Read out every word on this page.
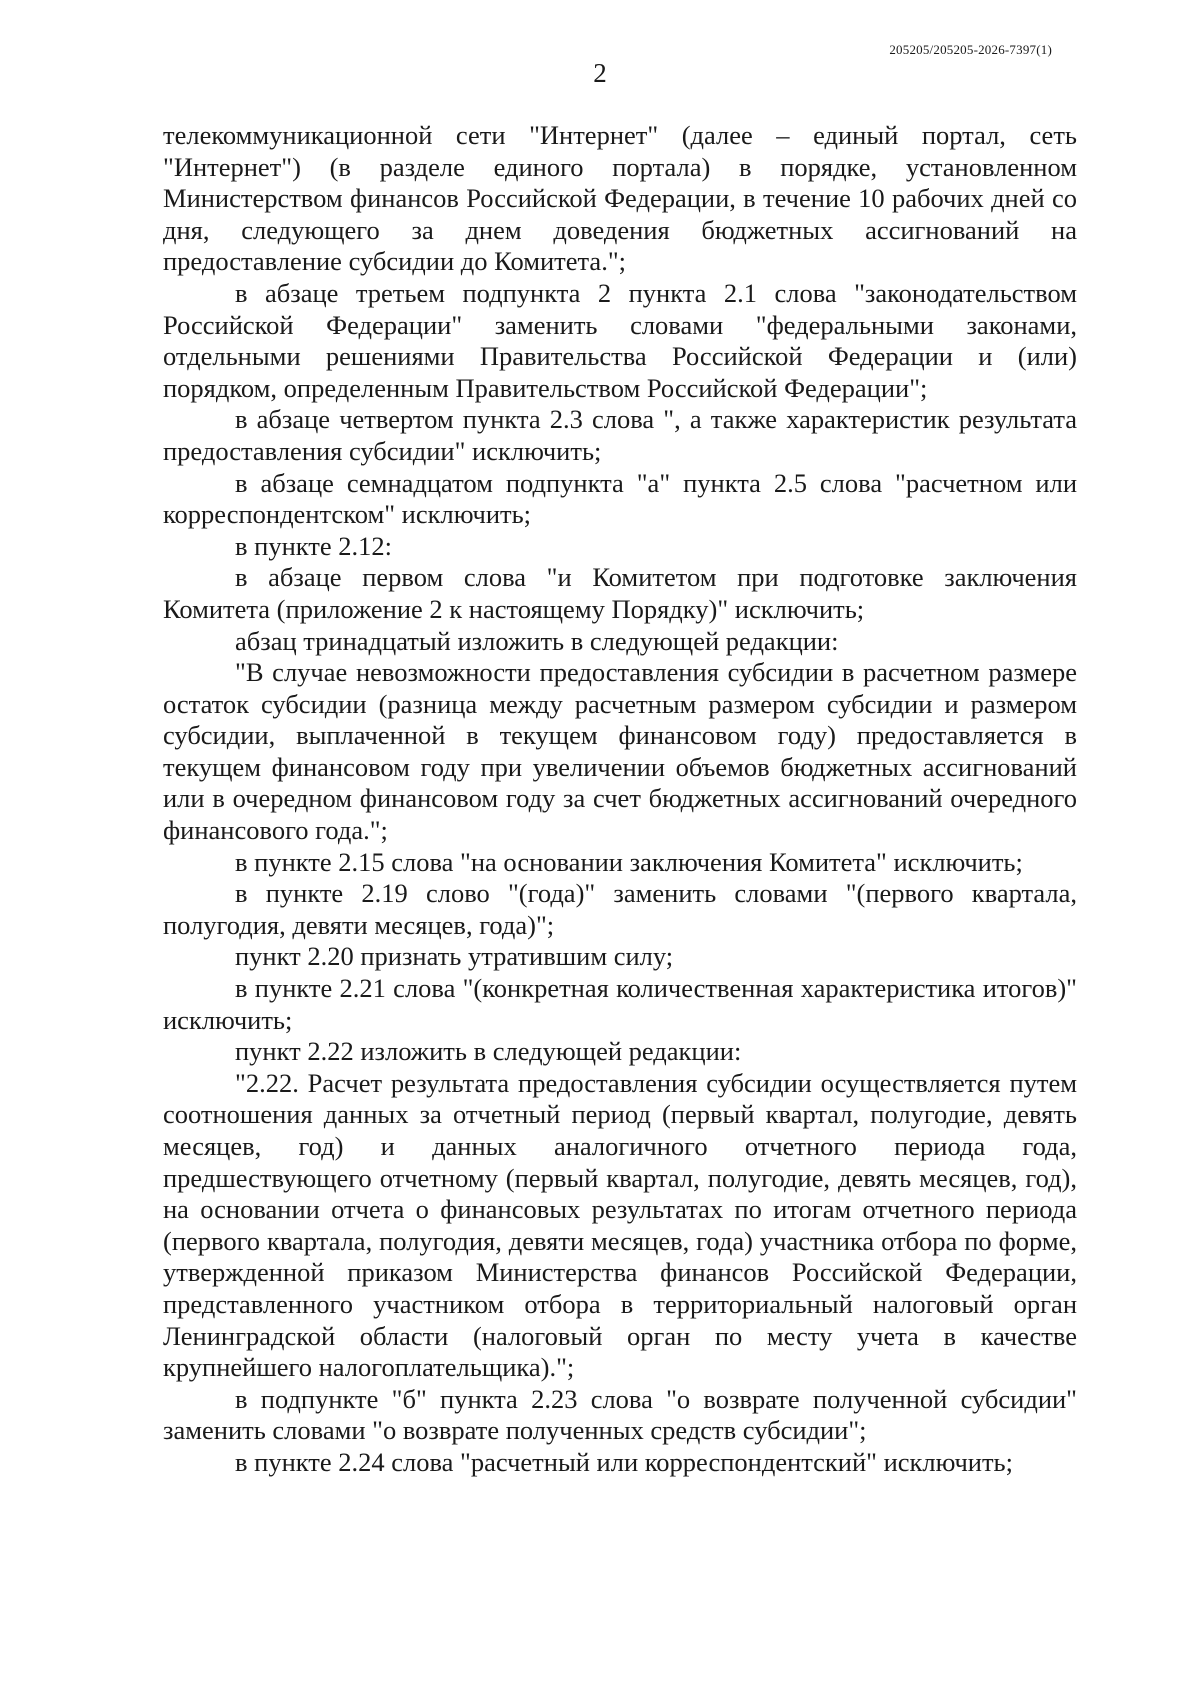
205205/205205-2026-7397(1)
2

телекоммуникационной сети "Интернет" (далее – единый портал, сеть "Интернет") (в разделе единого портала) в порядке, установленном Министерством финансов Российской Федерации, в течение 10 рабочих дней со дня, следующего за днем доведения бюджетных ассигнований на предоставление субсидии до Комитета.";

в абзаце третьем подпункта 2 пункта 2.1 слова "законодательством Российской Федерации" заменить словами "федеральными законами, отдельными решениями Правительства Российской Федерации и (или) порядком, определенным Правительством Российской Федерации";

в абзаце четвертом пункта 2.3 слова ", а также характеристик результата предоставления субсидии" исключить;

в абзаце семнадцатом подпункта "а" пункта 2.5 слова "расчетном или корреспондентском" исключить;

в пункте 2.12:

в абзаце первом слова "и Комитетом при подготовке заключения Комитета (приложение 2 к настоящему Порядку)" исключить;

абзац тринадцатый изложить в следующей редакции:

"В случае невозможности предоставления субсидии в расчетном размере остаток субсидии (разница между расчетным размером субсидии и размером субсидии, выплаченной в текущем финансовом году) предоставляется в текущем финансовом году при увеличении объемов бюджетных ассигнований или в очередном финансовом году за счет бюджетных ассигнований очередного финансового года.";

в пункте 2.15 слова "на основании заключения Комитета" исключить;

в пункте 2.19 слово "(года)" заменить словами "(первого квартала, полугодия, девяти месяцев, года)";

пункт 2.20 признать утратившим силу;

в пункте 2.21 слова "(конкретная количественная характеристика итогов)" исключить;

пункт 2.22 изложить в следующей редакции:

"2.22. Расчет результата предоставления субсидии осуществляется путем соотношения данных за отчетный период (первый квартал, полугодие, девять месяцев, год) и данных аналогичного отчетного периода года, предшествующего отчетному (первый квартал, полугодие, девять месяцев, год), на основании отчета о финансовых результатах по итогам отчетного периода (первого квартала, полугодия, девяти месяцев, года) участника отбора по форме, утвержденной приказом Министерства финансов Российской Федерации, представленного участником отбора в территориальный налоговый орган Ленинградской области (налоговый орган по месту учета в качестве крупнейшего налогоплательщика).";

в подпункте "б" пункта 2.23 слова "о возврате полученной субсидии" заменить словами "о возврате полученных средств субсидии";

в пункте 2.24 слова "расчетный или корреспондентский" исключить;
